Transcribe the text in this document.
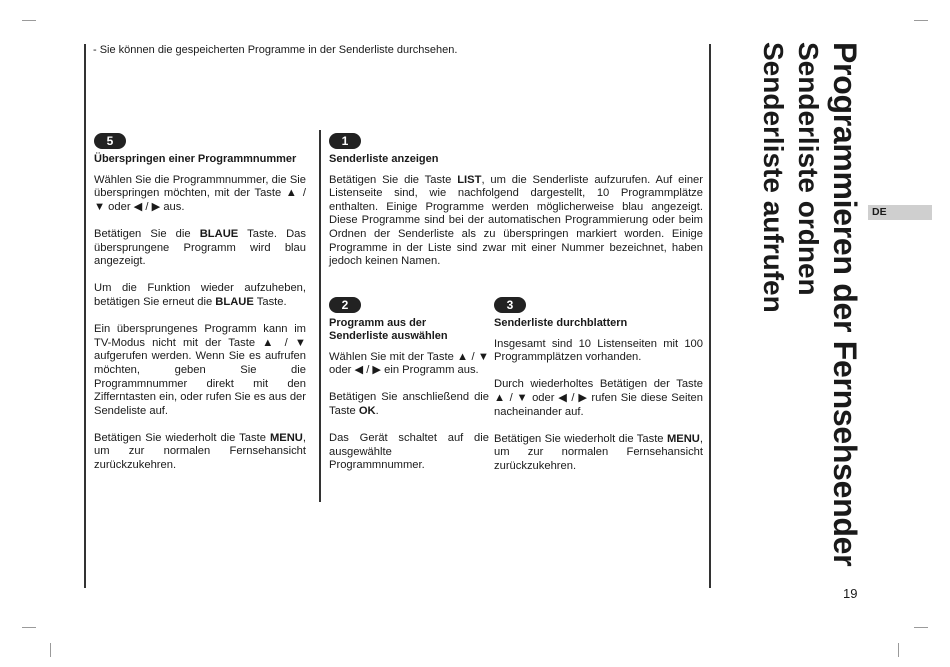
- Sie können die gespeicherten Programme in der Senderliste durchsehen.
5
Überspringen einer Programmnummer

Wählen Sie die Programmnummer, die Sie überspringen möchten, mit der Taste ▲ / ▼ oder ◀ / ▶ aus.

Betätigen Sie die BLAUE Taste. Das übersprungene Programm wird blau angezeigt.

Um die Funktion wieder aufzuheben, betätigen Sie erneut die BLAUE Taste.

Ein übersprungenes Programm kann im TV-Modus nicht mit der Taste ▲ / ▼ aufgerufen werden. Wenn Sie es aufrufen möchten, geben Sie die Programmnummer direkt mit den Zifferntasten ein, oder rufen Sie es aus der Sendeliste auf.

Betätigen Sie wiederholt die Taste MENU, um zur normalen Fernsehansicht zurückzukehren.

1
Senderliste anzeigen

Betätigen Sie die Taste LIST, um die Senderliste aufzurufen. Auf einer Listenseite sind, wie nachfolgend dargestellt, 10 Programmplätze enthalten. Einige Programme werden möglicherweise blau angezeigt. Diese Programme sind bei der automatischen Programmierung oder beim Ordnen der Senderliste als zu überspringen markiert worden. Einige Programme in der Liste sind zwar mit einer Nummer bezeichnet, haben jedoch keinen Namen.

2
Programm aus der Senderliste auswählen

Wählen Sie mit der Taste ▲ / ▼ oder ◀ / ▶ ein Programm aus.

Betätigen Sie anschließend die Taste OK.

Das Gerät schaltet auf die ausgewählte Programmnummer.

3
Senderliste durchblattern

Insgesamt sind 10 Listenseiten mit 100 Programmplätzen vorhanden.

Durch wiederholtes Betätigen der Taste ▲ / ▼ oder ◀ / ▶ rufen Sie diese Seiten nacheinander auf.

Betätigen Sie wiederholt die Taste MENU, um zur normalen Fernsehansicht zurückzukehren.	Programmieren der Fernsehsender
Senderliste ordnen
Senderliste aufrufen	DE
19
